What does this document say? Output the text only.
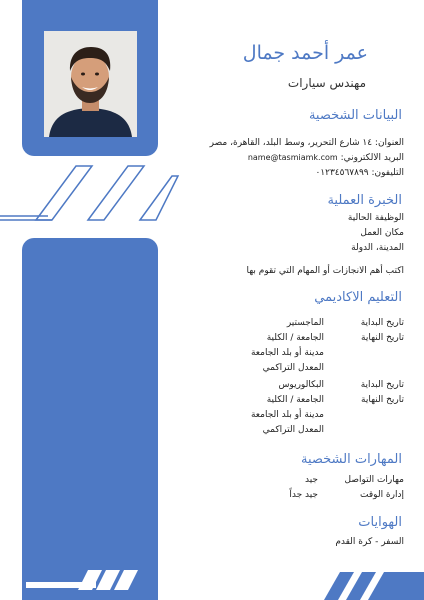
عمر أحمد جمال
مهندس سيارات
البيانات الشخصية
العنوان: ١٤ شارع التحرير، وسط البلد، القاهرة، مصر
البريد الالكتروني: name@tasmiamk.com
التليفون: ٠١٢٣٤٥٦٧٨٩٩
الخبرة العملية
الوظيفة الحالية
مكان العمل
المدينة، الدولة
اكتب أهم الانجازات أو المهام التي تقوم بها
التعليم الاكاديمي
تاريخ البداية
تاريخ النهاية
الماجستير
الجامعة / الكلية
مدينة أو بلد الجامعة
المعدل التراكمي
تاريخ البداية
تاريخ النهاية
البكالوريوس
الجامعة / الكلية
مدينة أو بلد الجامعة
المعدل التراكمي
المهارات الشخصية
مهارات التواصل
جيد
إدارة الوقت
جيد جداً
الهوايات
السفر - كرة القدم
